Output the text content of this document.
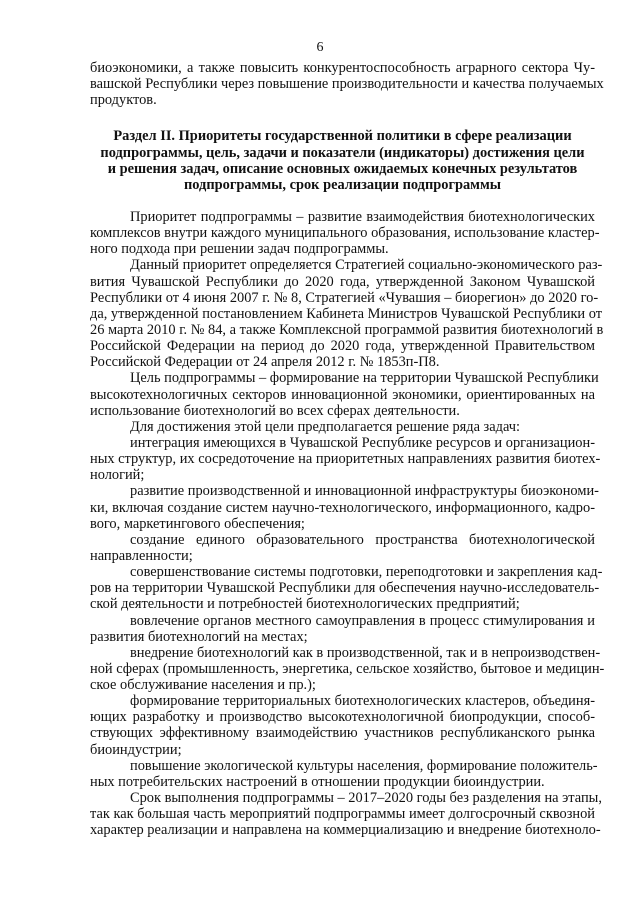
6
биоэкономики, а также повысить конкурентоспособность аграрного сектора Чу-
вашской Республики через повышение производительности и качества получаемых
продуктов.
Раздел II. Приоритеты государственной политики в сфере реализации
подпрограммы, цель, задачи и показатели (индикаторы) достижения цели
и решения задач, описание основных ожидаемых конечных результатов
подпрограммы, срок реализации подпрограммы
Приоритет подпрограммы – развитие взаимодействия биотехнологических
комплексов внутри каждого муниципального образования, использование кластер-
ного подхода при решении задач подпрограммы.
Данный приоритет определяется Стратегией социально-экономического раз-
вития Чувашской Республики до 2020 года, утвержденной Законом Чувашской
Республики от 4 июня 2007 г. № 8, Стратегией «Чувашия – биорегион» до 2020 го-
да, утвержденной постановлением Кабинета Министров Чувашской Республики от
26 марта 2010 г. № 84, а также Комплексной программой развития биотехнологий в
Российской Федерации на период до 2020 года, утвержденной Правительством
Российской Федерации от 24 апреля 2012 г. № 1853п-П8.
Цель подпрограммы – формирование на территории Чувашской Республики
высокотехнологичных секторов инновационной экономики, ориентированных на
использование биотехнологий во всех сферах деятельности.
Для достижения этой цели предполагается решение ряда задач:
интеграция имеющихся в Чувашской Республике ресурсов и организацион-
ных структур, их сосредоточение на приоритетных направлениях развития биотех-
нологий;
развитие производственной и инновационной инфраструктуры биоэкономи-
ки, включая создание систем научно-технологического, информационного, кадро-
вого, маркетингового обеспечения;
создание единого образовательного пространства биотехнологической
направленности;
совершенствование системы подготовки, переподготовки и закрепления кад-
ров на территории Чувашской Республики для обеспечения научно-исследователь-
ской деятельности и потребностей биотехнологических предприятий;
вовлечение органов местного самоуправления в процесс стимулирования и
развития биотехнологий на местах;
внедрение биотехнологий как в производственной, так и в непроизводствен-
ной сферах (промышленность, энергетика, сельское хозяйство, бытовое и медицин-
ское обслуживание населения и пр.);
формирование территориальных биотехнологических кластеров, объединя-
ющих разработку и производство высокотехнологичной биопродукции, способ-
ствующих эффективному взаимодействию участников республиканского рынка
биоиндустрии;
повышение экологической культуры населения, формирование положитель-
ных потребительских настроений в отношении продукции биоиндустрии.
Срок выполнения подпрограммы – 2017–2020 годы без разделения на этапы,
так как большая часть мероприятий подпрограммы имеет долгосрочный сквозной
характер реализации и направлена на коммерциализацию и внедрение биотехноло-
